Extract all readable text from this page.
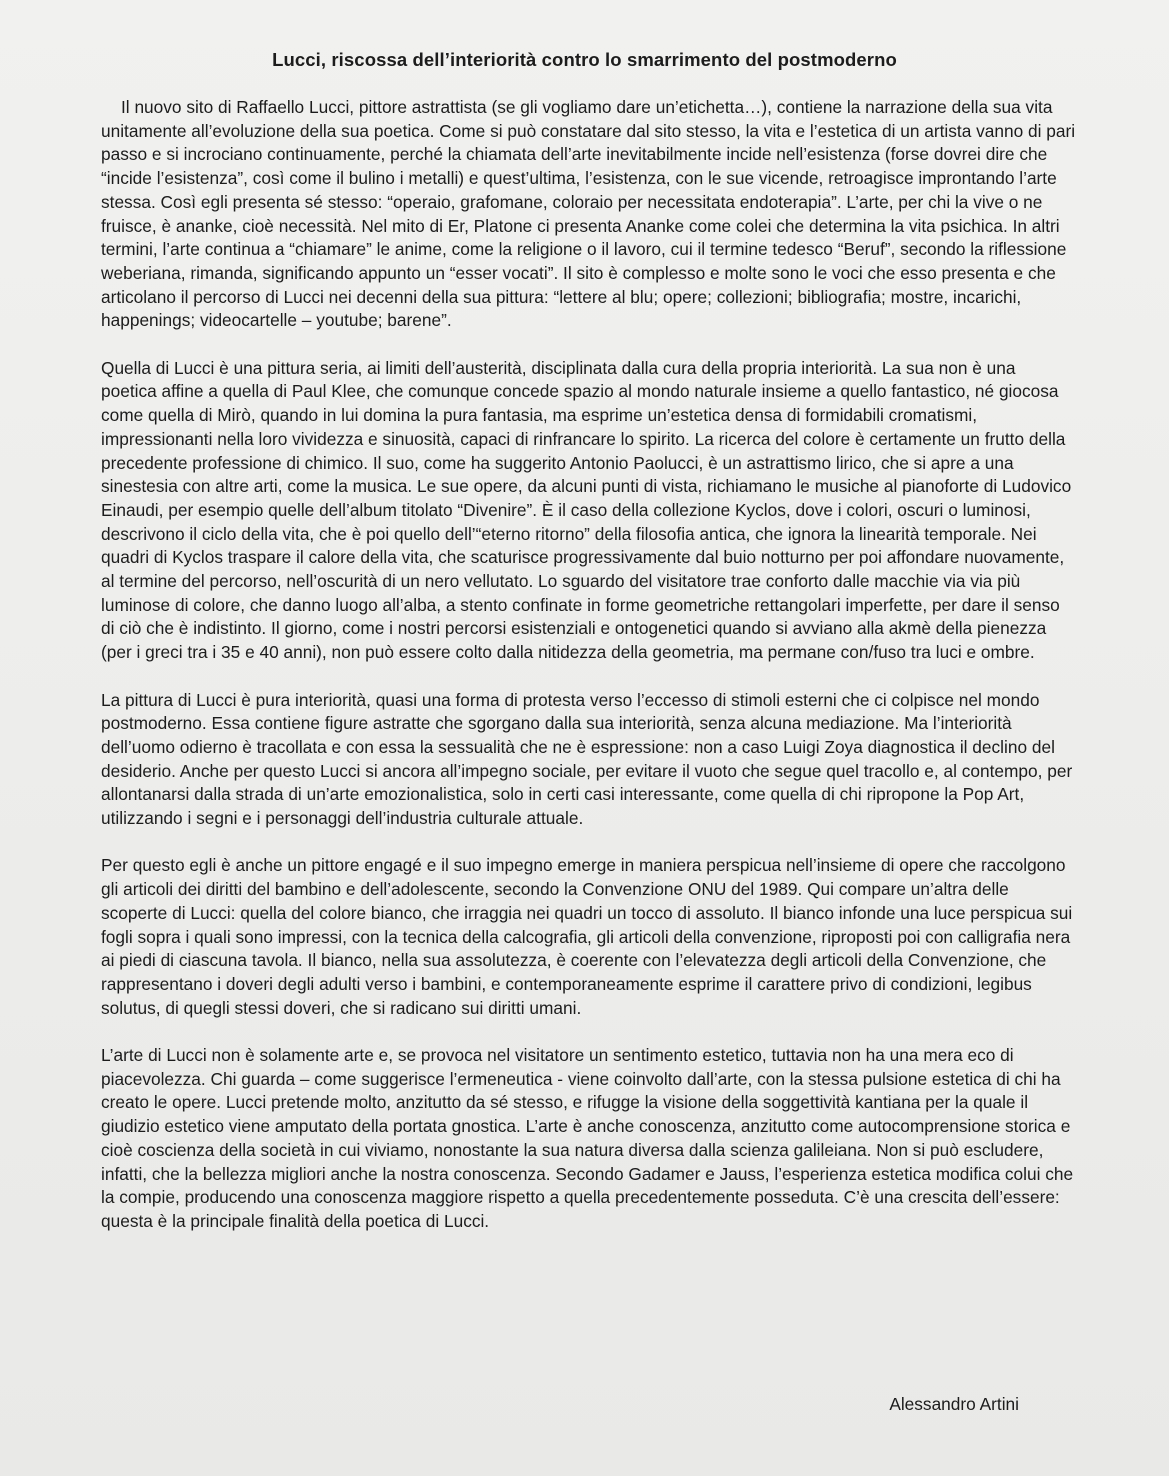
Lucci, riscossa dell’interiorità contro lo smarrimento del postmoderno

Il nuovo sito di Raffaello Lucci, pittore astrattista (se gli vogliamo dare un’etichetta…), contiene la narrazione della sua vita unitamente all’evoluzione della sua poetica. Come si può constatare dal sito stesso, la vita e l’estetica di un artista vanno di pari passo e si incrociano continuamente, perché la chiamata dell’arte inevitabilmente incide nell’esistenza (forse dovrei dire che “incide l’esistenza”, così come il bulino i metalli) e quest’ultima, l’esistenza, con le sue vicende, retroagisce improntando l’arte stessa. Così egli presenta sé stesso: “operaio, grafomane, coloraio per necessitata endoterapia”. L’arte, per chi la vive o ne fruisce, è ananke, cioè necessità. Nel mito di Er, Platone ci presenta Ananke come colei che determina la vita psichica. In altri termini, l’arte continua a “chiamare” le anime, come la religione o il lavoro, cui il termine tedesco “Beruf”, secondo la riflessione weberiana, rimanda, significando appunto un “esser vocati”. Il sito è complesso e molte sono le voci che esso presenta e che articolano il percorso di Lucci nei decenni della sua pittura: “lettere al blu; opere; collezioni; bibliografia; mostre, incarichi, happenings; videocartelle – youtube; barene”.

Quella di Lucci è una pittura seria, ai limiti dell’austerità, disciplinata dalla cura della propria interiorità. La sua non è una poetica affine a quella di Paul Klee, che comunque concede spazio al mondo naturale insieme a quello fantastico, né giocosa come quella di Mirò, quando in lui domina la pura fantasia, ma esprime un’estetica densa di formidabili cromatismi, impressionanti nella loro vividezza e sinuosità, capaci di rinfrancare lo spirito. La ricerca del colore è certamente un frutto della precedente professione di chimico. Il suo, come ha suggerito Antonio Paolucci, è un astrattismo lirico, che si apre a una sinestesia con altre arti, come la musica. Le sue opere, da alcuni punti di vista, richiamano le musiche al pianoforte di Ludovico Einaudi, per esempio quelle dell’album titolato “Divenire”. È il caso della collezione Kyclos, dove i colori, oscuri o luminosi, descrivono il ciclo della vita, che è poi quello dell’“eterno ritorno” della filosofia antica, che ignora la linearità temporale. Nei quadri di Kyclos traspare il calore della vita, che scaturisce progressivamente dal buio notturno per poi affondare nuovamente, al termine del percorso, nell’oscurità di un nero vellutato. Lo sguardo del visitatore trae conforto dalle macchie via via più luminose di colore, che danno luogo all’alba, a stento confinate in forme geometriche rettangolari imperfette, per dare il senso di ciò che è indistinto. Il giorno, come i nostri percorsi esistenziali e ontogenetici quando si avviano alla akmè della pienezza (per i greci tra i 35 e 40 anni), non può essere colto dalla nitidezza della geometria, ma permane con/fuso tra luci e ombre.

La pittura di Lucci è pura interiorità, quasi una forma di protesta verso l’eccesso di stimoli esterni che ci colpisce nel mondo postmoderno. Essa contiene figure astratte che sgorgano dalla sua interiorità, senza alcuna mediazione. Ma l’interiorità dell’uomo odierno è tracollata e con essa la sessualità che ne è espressione: non a caso Luigi Zoya diagnostica il declino del desiderio. Anche per questo Lucci si ancora all’impegno sociale, per evitare il vuoto che segue quel tracollo e, al contempo, per allontanarsi dalla strada di un’arte emozionalistica, solo in certi casi interessante, come quella di chi ripropone la Pop Art, utilizzando i segni e i personaggi dell’industria culturale attuale.

Per questo egli è anche un pittore engagé e il suo impegno emerge in maniera perspicua nell’insieme di opere che raccolgono gli articoli dei diritti del bambino e dell’adolescente, secondo la Convenzione ONU del 1989. Qui compare un’altra delle scoperte di Lucci: quella del colore bianco, che irraggia nei quadri un tocco di assoluto. Il bianco infonde una luce perspicua sui fogli sopra i quali sono impressi, con la tecnica della calcografia, gli articoli della convenzione, riproposti poi con calligrafia nera ai piedi di ciascuna tavola. Il bianco, nella sua assolutezza, è coerente con l’elevatezza degli articoli della Convenzione, che rappresentano i doveri degli adulti verso i bambini, e contemporaneamente esprime il carattere privo di condizioni, legibus solutus, di quegli stessi doveri, che si radicano sui diritti umani.

L’arte di Lucci non è solamente arte e, se provoca nel visitatore un sentimento estetico, tuttavia non ha una mera eco di piacevolezza. Chi guarda – come suggerisce l’ermeneutica - viene coinvolto dall’arte, con la stessa pulsione estetica di chi ha creato le opere. Lucci pretende molto, anzitutto da sé stesso, e rifugge la visione della soggettività kantiana per la quale il giudizio estetico viene amputato della portata gnostica. L’arte è anche conoscenza, anzitutto come autocomprensione storica e cioè coscienza della società in cui viviamo, nonostante la sua natura diversa dalla scienza galileiana. Non si può escludere, infatti, che la bellezza migliori anche la nostra conoscenza. Secondo Gadamer e Jauss, l’esperienza estetica modifica colui che la compie, producendo una conoscenza maggiore rispetto a quella precedentemente posseduta. C’è una crescita dell’essere: questa è la principale finalità della poetica di Lucci.

Alessandro Artini
